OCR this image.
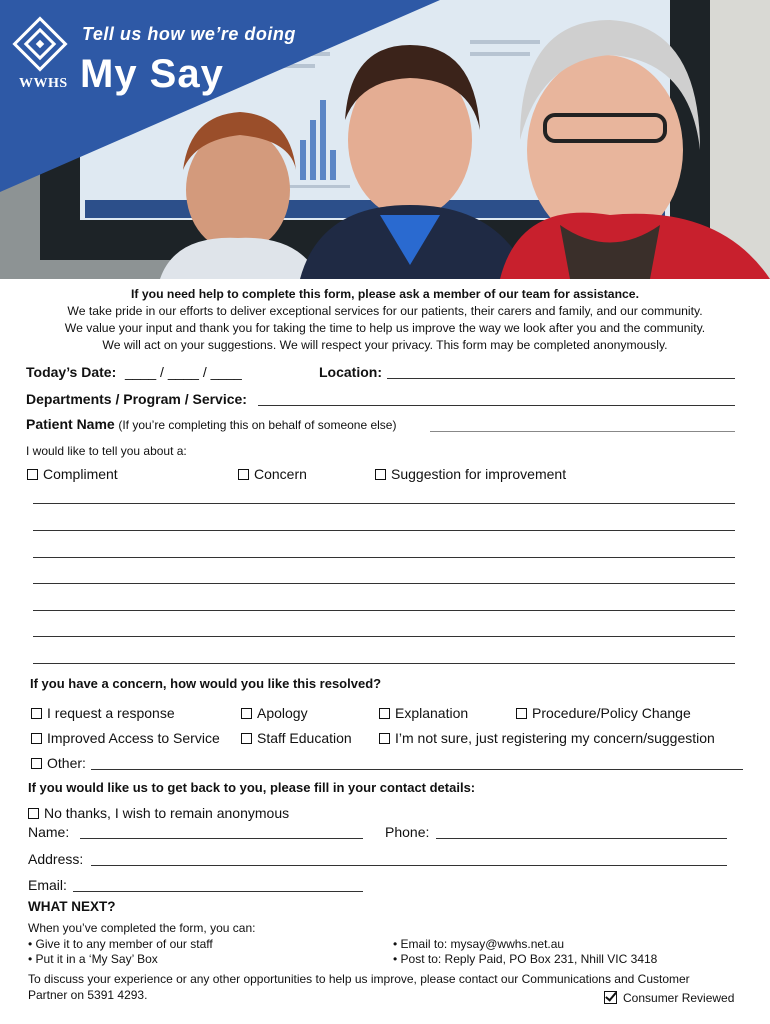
Tell us how we’re doing
My Say
WWHS
If you need help to complete this form, please ask a member of our team for assistance.
We take pride in our efforts to deliver exceptional services for our patients, their carers and family, and our community.
We value your input and thank you for taking the time to help us improve the way we look after you and the community.
We will act on your suggestions. We will respect your privacy. This form may be completed anonymously.
Today’s Date: ____ / ____ / ____	Location:
Departments / Program / Service:
Patient Name (If you’re completing this on behalf of someone else)
I would like to tell you about a:
Compliment	Concern	Suggestion for improvement
If you have a concern, how would you like this resolved?
I request a response	Apology	Explanation	Procedure/Policy Change
Improved Access to Service	Staff Education	I’m not sure, just registering my concern/suggestion
Other:
If you would like us to get back to you, please fill in your contact details:
No thanks, I wish to remain anonymous
Name:	Phone:
Address:
Email:
WHAT NEXT?
When you’ve completed the form, you can:
• Give it to any member of our staff
• Put it in a ‘My Say’ Box
• Email to: mysay@wwhs.net.au
• Post to: Reply Paid, PO Box 231, Nhill VIC 3418
To discuss your experience or any other opportunities to help us improve, please contact our Communications and Customer
Partner on 5391 4293.	Consumer Reviewed
